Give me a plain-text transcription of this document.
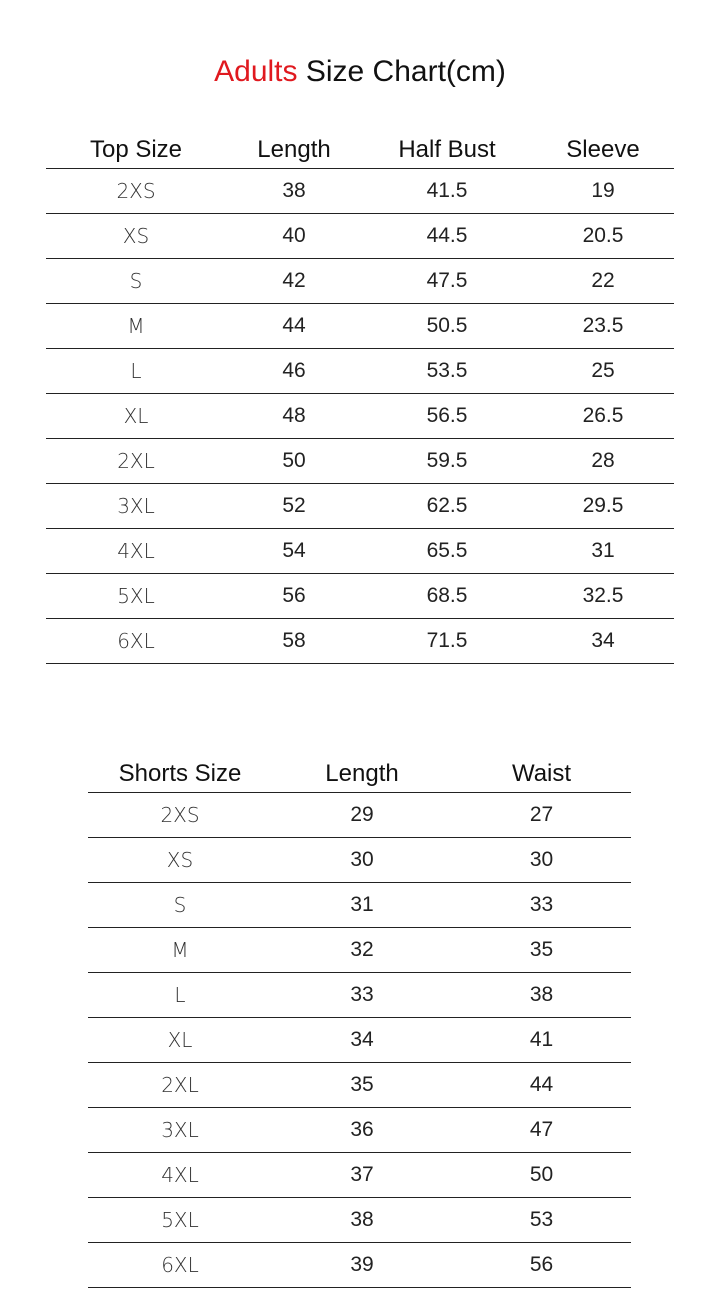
Adults Size Chart(cm)
Top Size	Length	Half Bust	Sleeve
2XS	38	41.5	19
XS	40	44.5	20.5
S	42	47.5	22
M	44	50.5	23.5
L	46	53.5	25
XL	48	56.5	26.5
2XL	50	59.5	28
3XL	52	62.5	29.5
4XL	54	65.5	31
5XL	56	68.5	32.5
6XL	58	71.5	34
Shorts Size	Length	Waist
2XS	29	27
XS	30	30
S	31	33
M	32	35
L	33	38
XL	34	41
2XL	35	44
3XL	36	47
4XL	37	50
5XL	38	53
6XL	39	56
